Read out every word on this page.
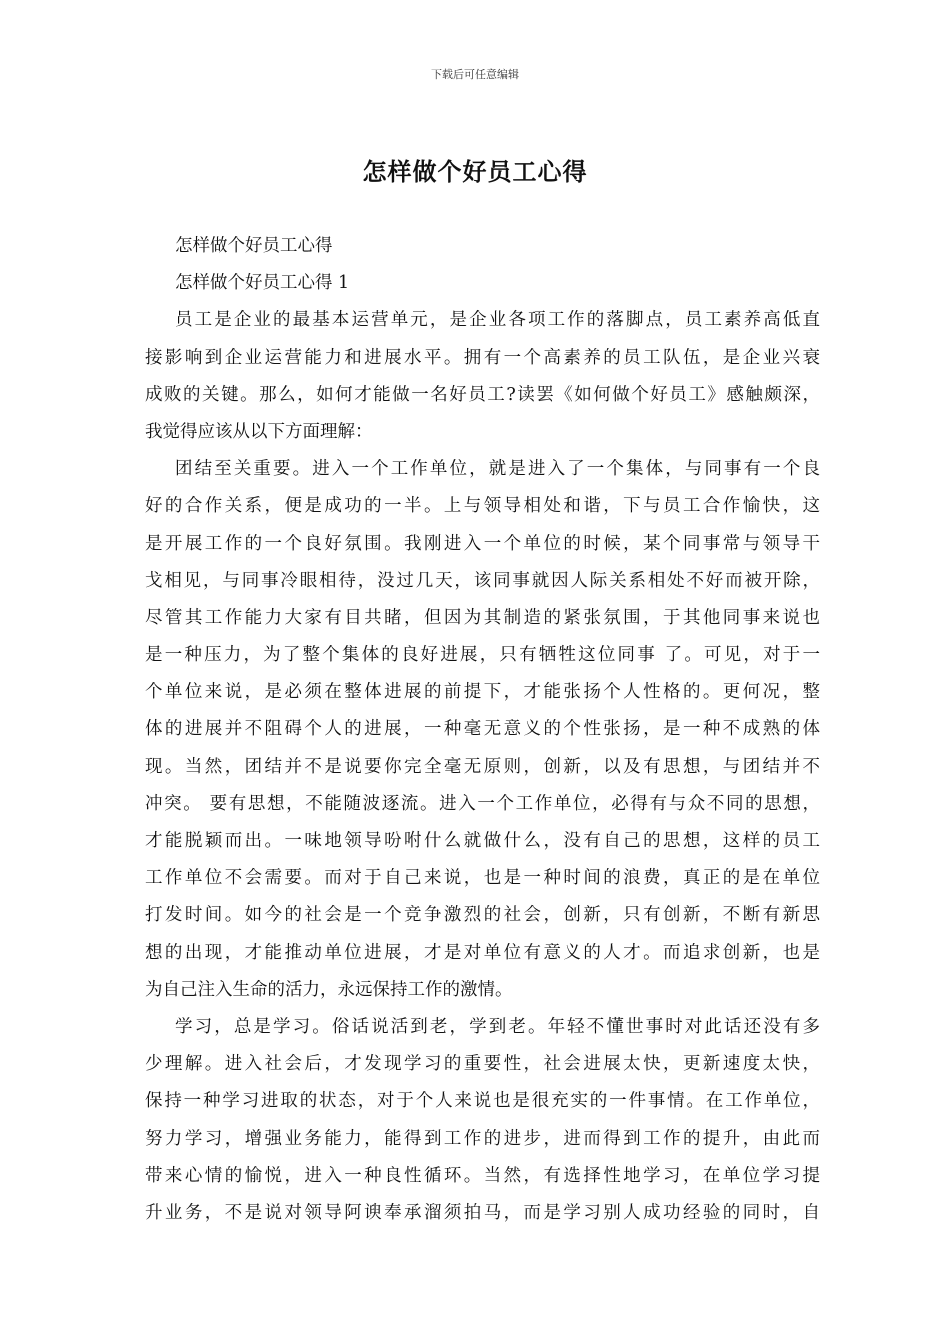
下载后可任意编辑
怎样做个好员工心得
怎样做个好员工心得
怎样做个好员工心得 1
员工是企业的最基本运营单元，是企业各项工作的落脚点，员工素养高低直
接影响到企业运营能力和进展水平。拥有一个高素养的员工队伍，是企业兴衰
成败的关键。那么，如何才能做一名好员工?读罢《如何做个好员工》感触颇深，
我觉得应该从以下方面理解：
团结至关重要。进入一个工作单位，就是进入了一个集体，与同事有一个良
好的合作关系，便是成功的一半。上与领导相处和谐，下与员工合作愉快，这
是开展工作的一个良好氛围。我刚进入一个单位的时候，某个同事常与领导干
戈相见，与同事冷眼相待，没过几天，该同事就因人际关系相处不好而被开除，
尽管其工作能力大家有目共睹，但因为其制造的紧张氛围，于其他同事来说也
是一种压力，为了整个集体的良好进展，只有牺牲这位同事 了。可见，对于一
个单位来说，是必须在整体进展的前提下，才能张扬个人性格的。更何况，整
体的进展并不阻碍个人的进展，一种毫无意义的个性张扬，是一种不成熟的体
现。当然，团结并不是说要你完全毫无原则，创新，以及有思想，与团结并不
冲突。 要有思想，不能随波逐流。进入一个工作单位，必得有与众不同的思想，
才能脱颖而出。一味地领导吩咐什么就做什么，没有自己的思想，这样的员工
工作单位不会需要。而对于自己来说，也是一种时间的浪费，真正的是在单位
打发时间。如今的社会是一个竞争激烈的社会，创新，只有创新，不断有新思
想的出现，才能推动单位进展，才是对单位有意义的人才。而追求创新，也是
为自己注入生命的活力，永远保持工作的激情。
学习，总是学习。俗话说活到老，学到老。年轻不懂世事时对此话还没有多
少理解。进入社会后，才发现学习的重要性，社会进展太快，更新速度太快，
保持一种学习进取的状态，对于个人来说也是很充实的一件事情。在工作单位，
努力学习，增强业务能力，能得到工作的进步，进而得到工作的提升，由此而
带来心情的愉悦，进入一种良性循环。当然，有选择性地学习，在单位学习提
升业务，不是说对领导阿谀奉承溜须拍马，而是学习别人成功经验的同时，自
